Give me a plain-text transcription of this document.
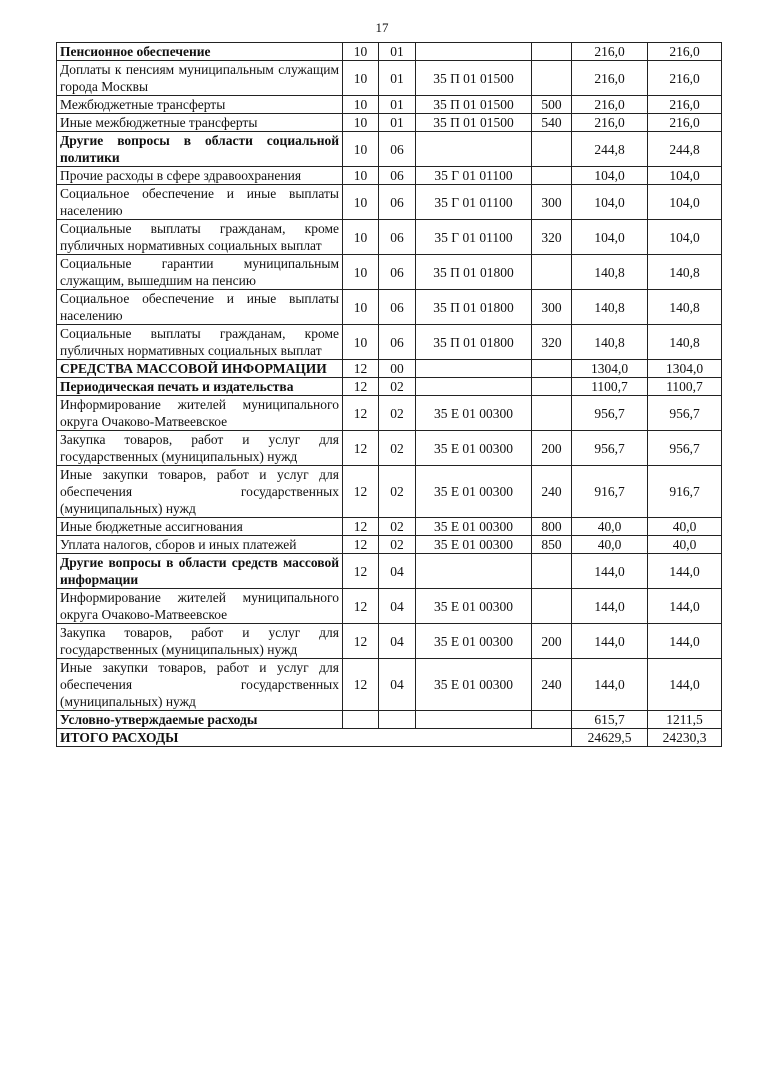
17
Пенсионное обеспечение	10	01			216,0	216,0
Доплаты к пенсиям муниципальным служащим города Москвы	10	01	35 П 01 01500		216,0	216,0
Межбюджетные трансферты	10	01	35 П 01 01500	500	216,0	216,0
Иные межбюджетные трансферты	10	01	35 П 01 01500	540	216,0	216,0
Другие вопросы в области социальной политики	10	06			244,8	244,8
Прочие расходы в сфере здравоохранения	10	06	35 Г 01 01100		104,0	104,0
Социальное обеспечение и иные выплаты населению	10	06	35 Г 01 01100	300	104,0	104,0
Социальные выплаты гражданам, кроме публичных нормативных социальных выплат	10	06	35 Г 01 01100	320	104,0	104,0
Социальные гарантии муниципальным служащим, вышедшим на пенсию	10	06	35 П 01 01800		140,8	140,8
Социальное обеспечение и иные выплаты населению	10	06	35 П 01 01800	300	140,8	140,8
Социальные выплаты гражданам, кроме публичных нормативных социальных выплат	10	06	35 П 01 01800	320	140,8	140,8
СРЕДСТВА МАССОВОЙ ИНФОРМАЦИИ	12	00			1304,0	1304,0
Периодическая печать и издательства	12	02			1100,7	1100,7
Информирование жителей муниципального округа Очаково-Матвеевское	12	02	35 Е 01 00300		956,7	956,7
Закупка товаров, работ и услуг для государственных (муниципальных) нужд	12	02	35 Е 01 00300	200	956,7	956,7
Иные закупки товаров, работ и услуг для обеспечения государственных (муниципальных) нужд	12	02	35 Е 01 00300	240	916,7	916,7
Иные бюджетные ассигнования	12	02	35 Е 01 00300	800	40,0	40,0
Уплата налогов, сборов и иных платежей	12	02	35 Е 01 00300	850	40,0	40,0
Другие вопросы в области средств массовой информации	12	04			144,0	144,0
Информирование жителей муниципального округа Очаково-Матвеевское	12	04	35 Е 01 00300		144,0	144,0
Закупка товаров, работ и услуг для государственных (муниципальных) нужд	12	04	35 Е 01 00300	200	144,0	144,0
Иные закупки товаров, работ и услуг для обеспечения государственных (муниципальных) нужд	12	04	35 Е 01 00300	240	144,0	144,0
Условно-утверждаемые расходы					615,7	1211,5
ИТОГО РАСХОДЫ					24629,5	24230,3
